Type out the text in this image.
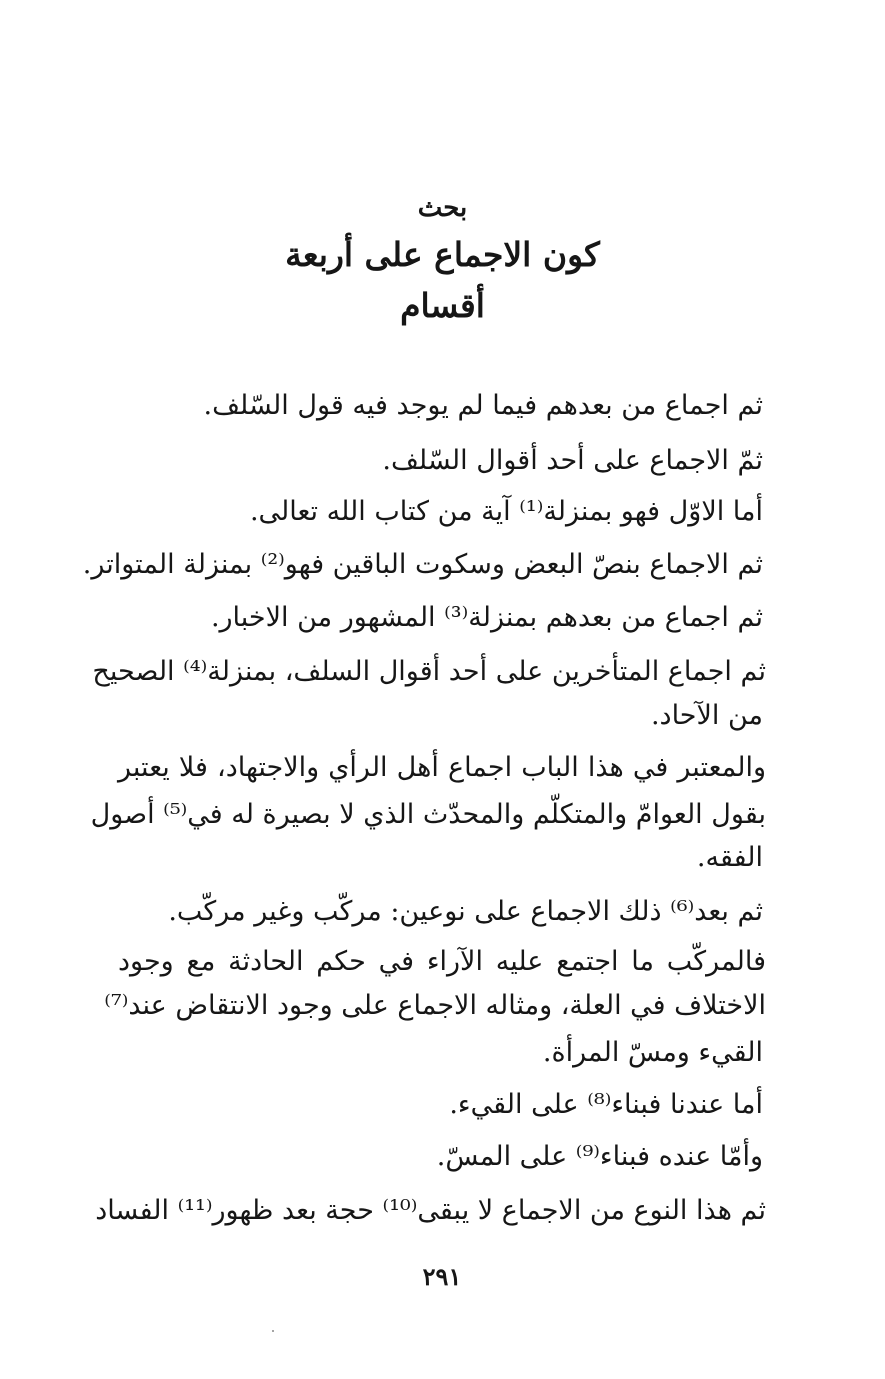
بحث
كون الاجماع على أربعة
أقسام
ثم اجماع من بعدهم فيما لم يوجد فيه قول السّلف.
ثمّ الاجماع على أحد أقوال السّلف.
أما الاوّل فهو بمنزلة⁽¹⁾ آية من كتاب الله تعالى.
ثم الاجماع بنصّ البعض وسكوت الباقين فهو⁽²⁾ بمنزلة المتواتر.
ثم اجماع من بعدهم بمنزلة⁽³⁾ المشهور من الاخبار.
ثم اجماع المتأخرين على أحد أقوال السلف، بمنزلة⁽⁴⁾ الصحيح
من الآحاد.
والمعتبر في هذا الباب اجماع أهل الرأي والاجتهاد، فلا يعتبر
بقول العوامّ والمتكلّم والمحدّث الذي لا بصيرة له في⁽⁵⁾ أصول
الفقه.
ثم بعد⁽⁶⁾ ذلك الاجماع على نوعين: مركّب وغير مركّب.
فالمركّب ما اجتمع عليه الآراء في حكم الحادثة مع وجود
الاختلاف في العلة، ومثاله الاجماع على وجود الانتقاض عند⁽⁷⁾
القيء ومسّ المرأة.
أما عندنا فبناء⁽⁸⁾ على القيء.
وأمّا عنده فبناء⁽⁹⁾ على المسّ.
ثم هذا النوع من الاجماع لا يبقى⁽¹⁰⁾ حجة بعد ظهور⁽¹¹⁾ الفساد
٢٩١
